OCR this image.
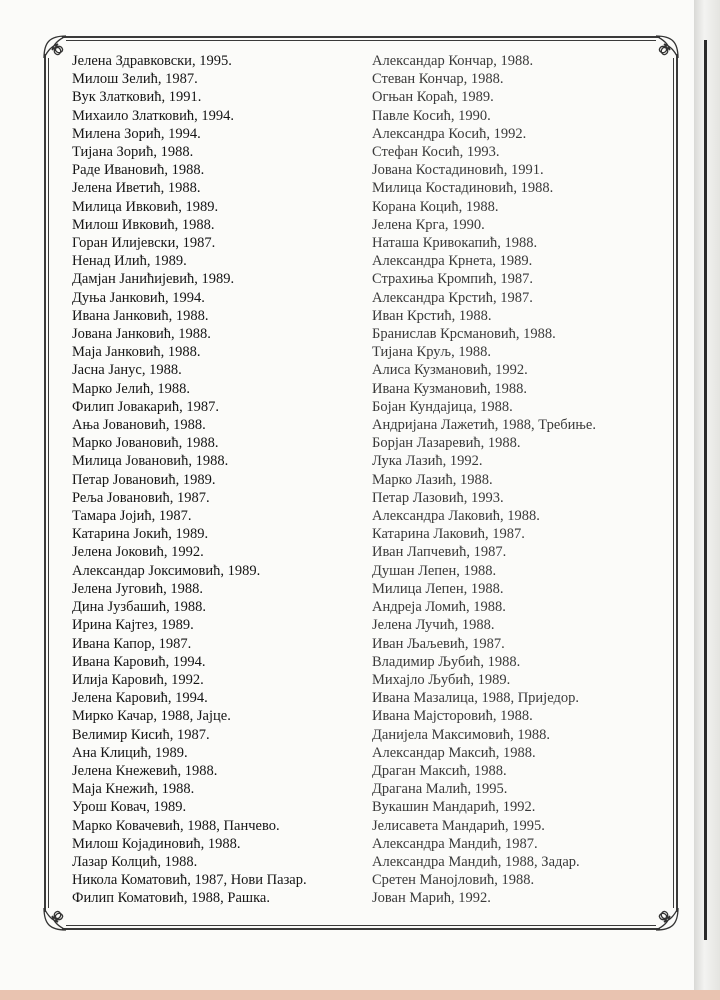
Јелена Здравковски, 1995.
Милош Зелић, 1987.
Вук Златковић, 1991.
Михаило Златковић, 1994.
Милена Зорић, 1994.
Тијана Зорић, 1988.
Раде Ивановић, 1988.
Јелена Иветић, 1988.
Милица Ивковић, 1989.
Милош Ивковић, 1988.
Горан Илијевски, 1987.
Ненад Илић, 1989.
Дамјан Јанићијевић, 1989.
Дуња Јанковић, 1994.
Ивана Јанковић, 1988.
Јована Јанковић, 1988.
Маја Јанковић, 1988.
Јасна Јанус, 1988.
Марко Јелић, 1988.
Филип Јовакарић, 1987.
Ања Јовановић, 1988.
Марко Јовановић, 1988.
Милица Јовановић, 1988.
Петар Јовановић, 1989.
Реља Јовановић, 1987.
Тамара Јојић, 1987.
Катарина Јокић, 1989.
Јелена Јоковић, 1992.
Александар Јоксимовић, 1989.
Јелена Југовић, 1988.
Дина Јузбашић, 1988.
Ирина Кајтез, 1989.
Ивана Капор, 1987.
Ивана Каровић, 1994.
Илија Каровић, 1992.
Јелена Каровић, 1994.
Мирко Качар, 1988, Јајце.
Велимир Кисић, 1987.
Ана Клицић, 1989.
Јелена Кнежевић, 1988.
Маја Кнежић, 1988.
Урош Ковач, 1989.
Марко Ковачевић, 1988, Панчево.
Милош Којадиновић, 1988.
Лазар Колцић, 1988.
Никола Коматовић, 1987, Нови Пазар.
Филип Коматовић, 1988, Рашка.
Александар Кончар, 1988.
Стеван Кончар, 1988.
Огњан Кораћ, 1989.
Павле Косић, 1990.
Александра Косић, 1992.
Стефан Косић, 1993.
Јована Костадиновић, 1991.
Милица Костадиновић, 1988.
Корана Коцић, 1988.
Јелена Крга, 1990.
Наташа Кривокапић, 1988.
Александра Крнета, 1989.
Страхиња Кромпић, 1987.
Александра Крстић, 1987.
Иван Крстић, 1988.
Бранислав Крсмановић, 1988.
Тијана Круљ, 1988.
Алиса Кузмановић, 1992.
Ивана Кузмановић, 1988.
Бојан Кундајица, 1988.
Андријана Лажетић, 1988, Требиње.
Борјан Лазаревић, 1988.
Лука Лазић, 1992.
Марко Лазић, 1988.
Петар Лазовић, 1993.
Александра Лаковић, 1988.
Катарина Лаковић, 1987.
Иван Лапчевић, 1987.
Душан Лепен, 1988.
Милица Лепен, 1988.
Андреја Ломић, 1988.
Јелена Лучић, 1988.
Иван Љаљевић, 1987.
Владимир Љубић, 1988.
Михајло Љубић, 1989.
Ивана Мазалица, 1988, Приједор.
Ивана Мајсторовић, 1988.
Данијела Максимовић, 1988.
Александар Максић, 1988.
Драган Максић, 1988.
Драгана Малић, 1995.
Вукашин Мандарић, 1992.
Јелисавета Мандарић, 1995.
Александра Мандић, 1987.
Александра Мандић, 1988, Задар.
Сретен Манојловић, 1988.
Јован Марић, 1992.
